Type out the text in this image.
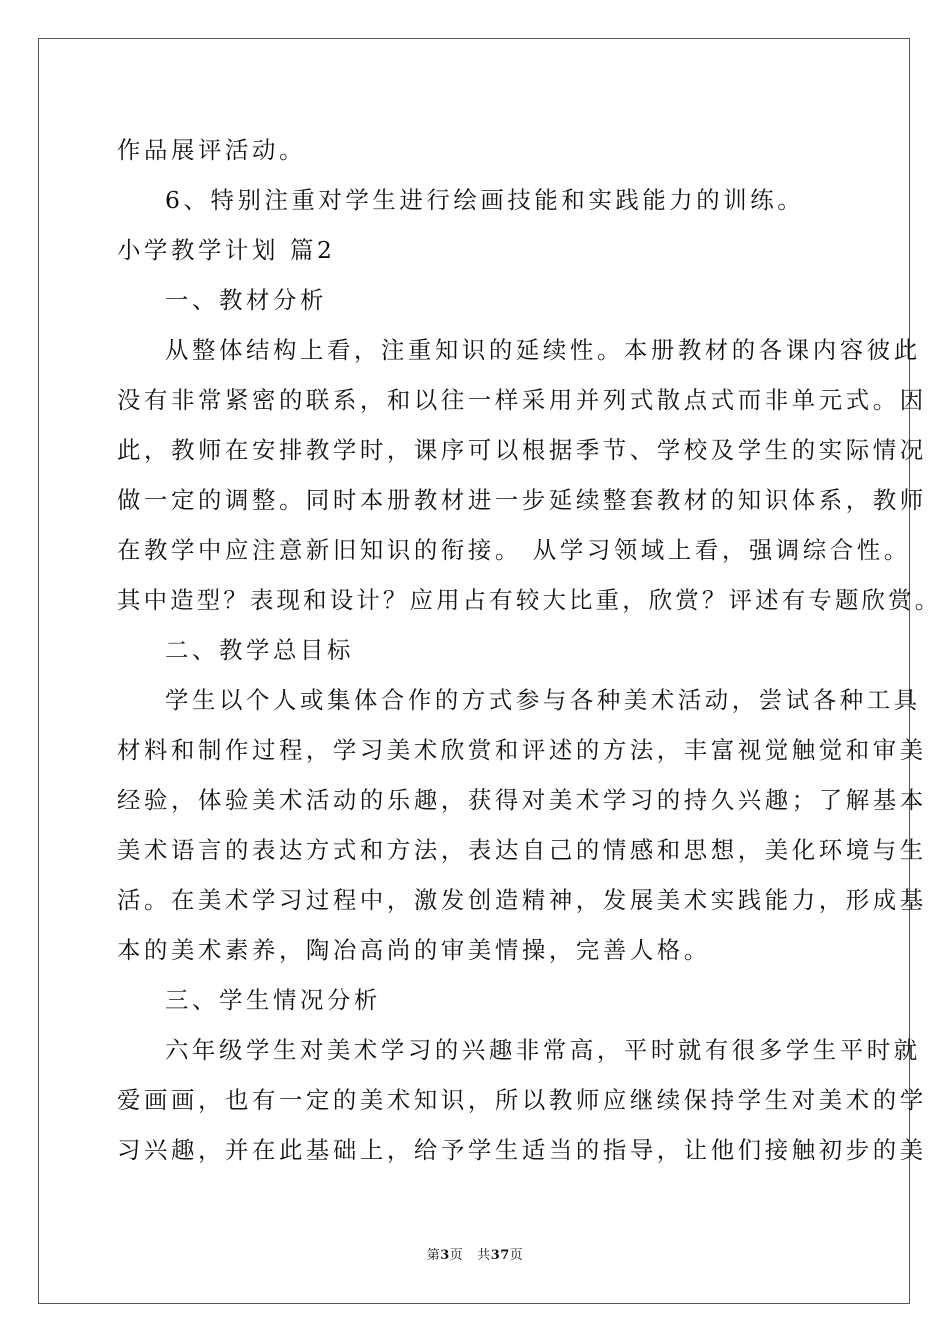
作品展评活动。
6、特别注重对学生进行绘画技能和实践能力的训练。
小学教学计划 篇2
一、教材分析
从整体结构上看，注重知识的延续性。本册教材的各课内容彼此
没有非常紧密的联系，和以往一样采用并列式散点式而非单元式。因
此，教师在安排教学时，课序可以根据季节、学校及学生的实际情况
做一定的调整。同时本册教材进一步延续整套教材的知识体系，教师
在教学中应注意新旧知识的衔接。 从学习领域上看，强调综合性。
其中造型？表现和设计？应用占有较大比重，欣赏？评述有专题欣赏。
二、教学总目标
学生以个人或集体合作的方式参与各种美术活动，尝试各种工具
材料和制作过程，学习美术欣赏和评述的方法，丰富视觉触觉和审美
经验，体验美术活动的乐趣，获得对美术学习的持久兴趣；了解基本
美术语言的表达方式和方法，表达自己的情感和思想，美化环境与生
活。在美术学习过程中，激发创造精神，发展美术实践能力，形成基
本的美术素养，陶冶高尚的审美情操，完善人格。
三、学生情况分析
六年级学生对美术学习的兴趣非常高，平时就有很多学生平时就
爱画画，也有一定的美术知识，所以教师应继续保持学生对美术的学
习兴趣，并在此基础上，给予学生适当的指导，让他们接触初步的美
第3页 共37页
